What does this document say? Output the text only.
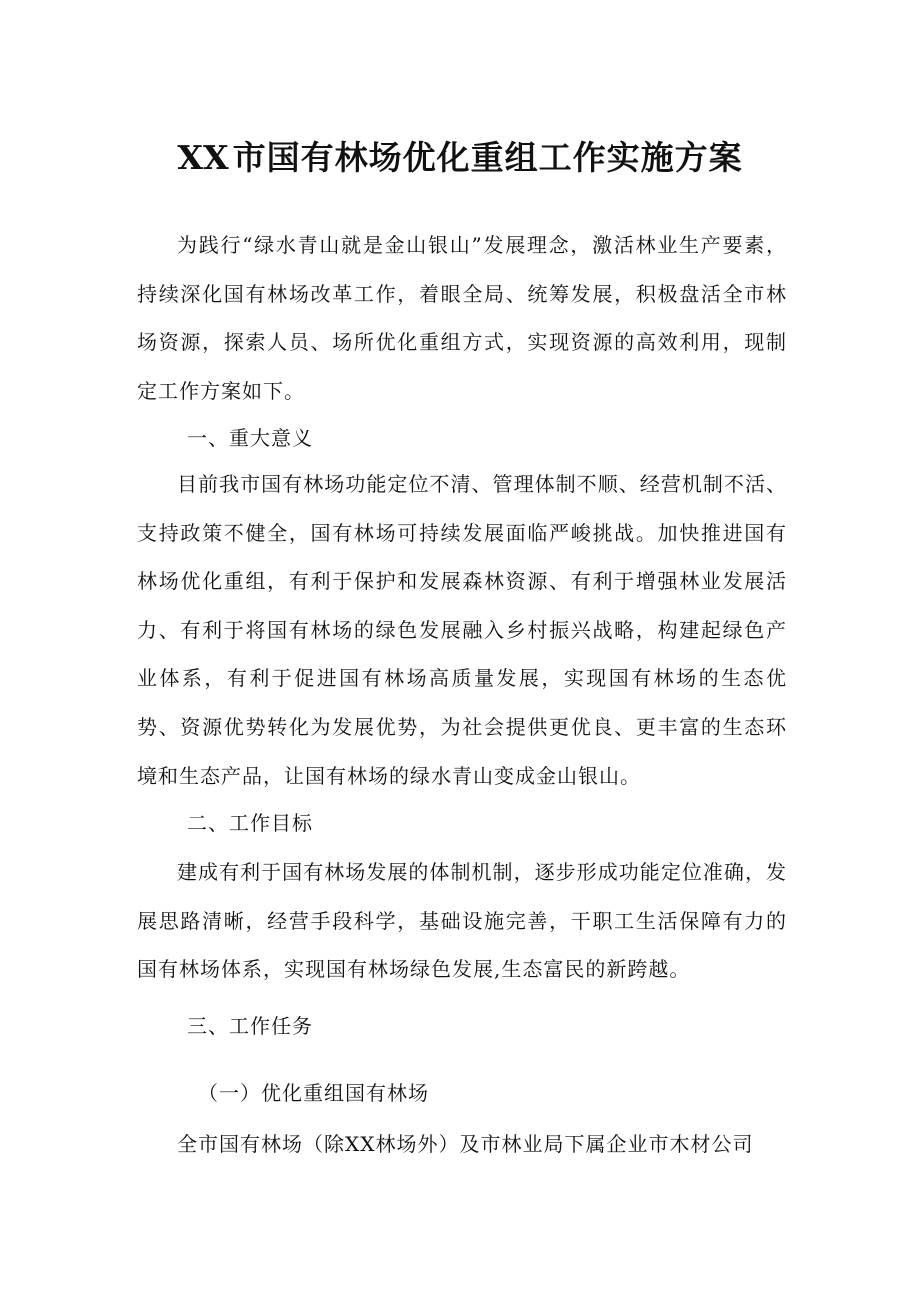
XX 市国有林场优化重组工作实施方案

为践行“绿水青山就是金山银山”发展理念，激活林业生产要素，持续深化国有林场改革工作，着眼全局、统筹发展，积极盘活全市林场资源，探索人员、场所优化重组方式，实现资源的高效利用，现制定工作方案如下。

一、重大意义

目前我市国有林场功能定位不清、管理体制不顺、经营机制不活、支持政策不健全，国有林场可持续发展面临严峻挑战。加快推进国有林场优化重组，有利于保护和发展森林资源、有利于增强林业发展活力、有利于将国有林场的绿色发展融入乡村振兴战略，构建起绿色产业体系，有利于促进国有林场高质量发展，实现国有林场的生态优势、资源优势转化为发展优势，为社会提供更优良、更丰富的生态环境和生态产品，让国有林场的绿水青山变成金山银山。

二、工作目标

建成有利于国有林场发展的体制机制，逐步形成功能定位准确，发展思路清晰，经营手段科学，基础设施完善，干职工生活保障有力的国有林场体系，实现国有林场绿色发展,生态富民的新跨越。

三、工作任务

（一）优化重组国有林场

全市国有林场（除XX林场外）及市林业局下属企业市木材公司
